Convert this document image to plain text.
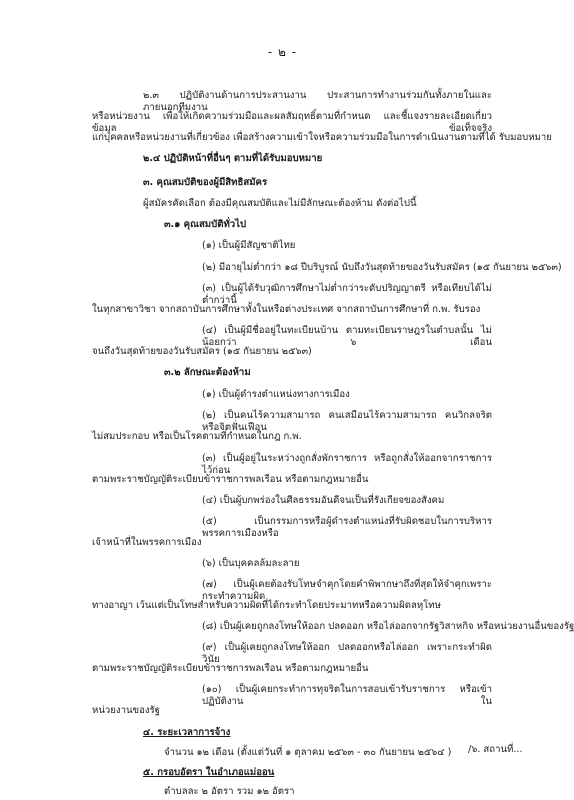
- ๒ -
๒.๓ ปฏิบัติงานด้านการประสานงาน ประสานการทำงานร่วมกันทั้งภายในและภายนอกทีมงาน
หรือหน่วยงาน เพื่อให้เกิดความร่วมมือและผลสัมฤทธิ์ตามที่กำหนด และชี้แจงรายละเอียดเกี่ยวข้อมูล ข้อเท็จจริง
แก่บุคคลหรือหน่วยงานที่เกี่ยวข้อง เพื่อสร้างความเข้าใจหรือความร่วมมือในการดำเนินงานตามที่ได้ รับมอบหมาย
๒.๔ ปฏิบัติหน้าที่อื่นๆ ตามที่ได้รับมอบหมาย
๓. คุณสมบัติของผู้มีสิทธิสมัคร
ผู้สมัครคัดเลือก ต้องมีคุณสมบัติและไม่มีลักษณะต้องห้าม ดังต่อไปนี้
๓.๑ คุณสมบัติทั่วไป
(๑) เป็นผู้มีสัญชาติไทย
(๒) มีอายุไม่ต่ำกว่า ๑๘ ปีบริบูรณ์ นับถึงวันสุดท้ายของวันรับสมัคร (๑๕ กันยายน ๒๕๖๓)
(๓) เป็นผู้ได้รับวุฒิการศึกษาไม่ต่ำกว่าระดับปริญญาตรี หรือเทียบได้ไม่ต่ำกว่านี้
ในทุกสาขาวิชา จากสถาบันการศึกษาทั้งในหรือต่างประเทศ จากสถาบันการศึกษาที่ ก.พ. รับรอง
(๔) เป็นผู้มีชื่ออยู่ในทะเบียนบ้าน ตามทะเบียนราษฎรในตำบลนั้น ไม่น้อยกว่า ๖ เดือน
จนถึงวันสุดท้ายของวันรับสมัคร (๑๕ กันยายน ๒๕๖๓)
๓.๒ ลักษณะต้องห้าม
(๑) เป็นผู้ดำรงตำแหน่งทางการเมือง
(๒) เป็นคนไร้ความสามารถ คนเสมือนไร้ความสามารถ คนวิกลจริตหรือจิตฟั่นเฟือน
ไม่สมประกอบ หรือเป็นโรคตามที่กำหนดในกฎ ก.พ.
(๓) เป็นผู้อยู่ในระหว่างถูกสั่งพักราชการ หรือถูกสั่งให้ออกจากราชการไว้ก่อน
ตามพระราชบัญญัติระเบียบข้าราชการพลเรือน หรือตามกฎหมายอื่น
(๔) เป็นผู้บกพร่องในศีลธรรมอันดีจนเป็นที่รังเกียจของสังคม
(๕) เป็นกรรมการหรือผู้ดำรงตำแหน่งที่รับผิดชอบในการบริหารพรรคการเมืองหรือ
เจ้าหน้าที่ในพรรคการเมือง
(๖) เป็นบุคคลล้มละลาย
(๗) เป็นผู้เคยต้องรับโทษจำคุกโดยคำพิพากษาถึงที่สุดให้จำคุกเพราะกระทำความผิด
ทางอาญา เว้นแต่เป็นโทษสำหรับความผิดที่ได้กระทำโดยประมาทหรือความผิดลหุโทษ
(๘) เป็นผู้เคยถูกลงโทษให้ออก ปลดออก หรือไล่ออกจากรัฐวิสาหกิจ หรือหน่วยงานอื่นของรัฐ
(๙) เป็นผู้เคยถูกลงโทษให้ออก ปลดออกหรือไล่ออก เพราะกระทำผิดวินัย
ตามพระราชบัญญัติระเบียบข้าราชการพลเรือน หรือตามกฎหมายอื่น
(๑๐) เป็นผู้เคยกระทำการทุจริตในการสอบเข้ารับราชการ หรือเข้าปฏิบัติงาน ใน
หน่วยงานของรัฐ
๔. ระยะเวลาการจ้าง
จำนวน ๑๒ เดือน (ตั้งแต่วันที่ ๑ ตุลาคม ๒๕๖๓ - ๓๐ กันยายน ๒๕๖๔ )
๕. กรอบอัตรา ในอำเภอแม่ออน
ตำบลละ ๒ อัตรา รวม ๑๒ อัตรา
/๖. สถานที่...
